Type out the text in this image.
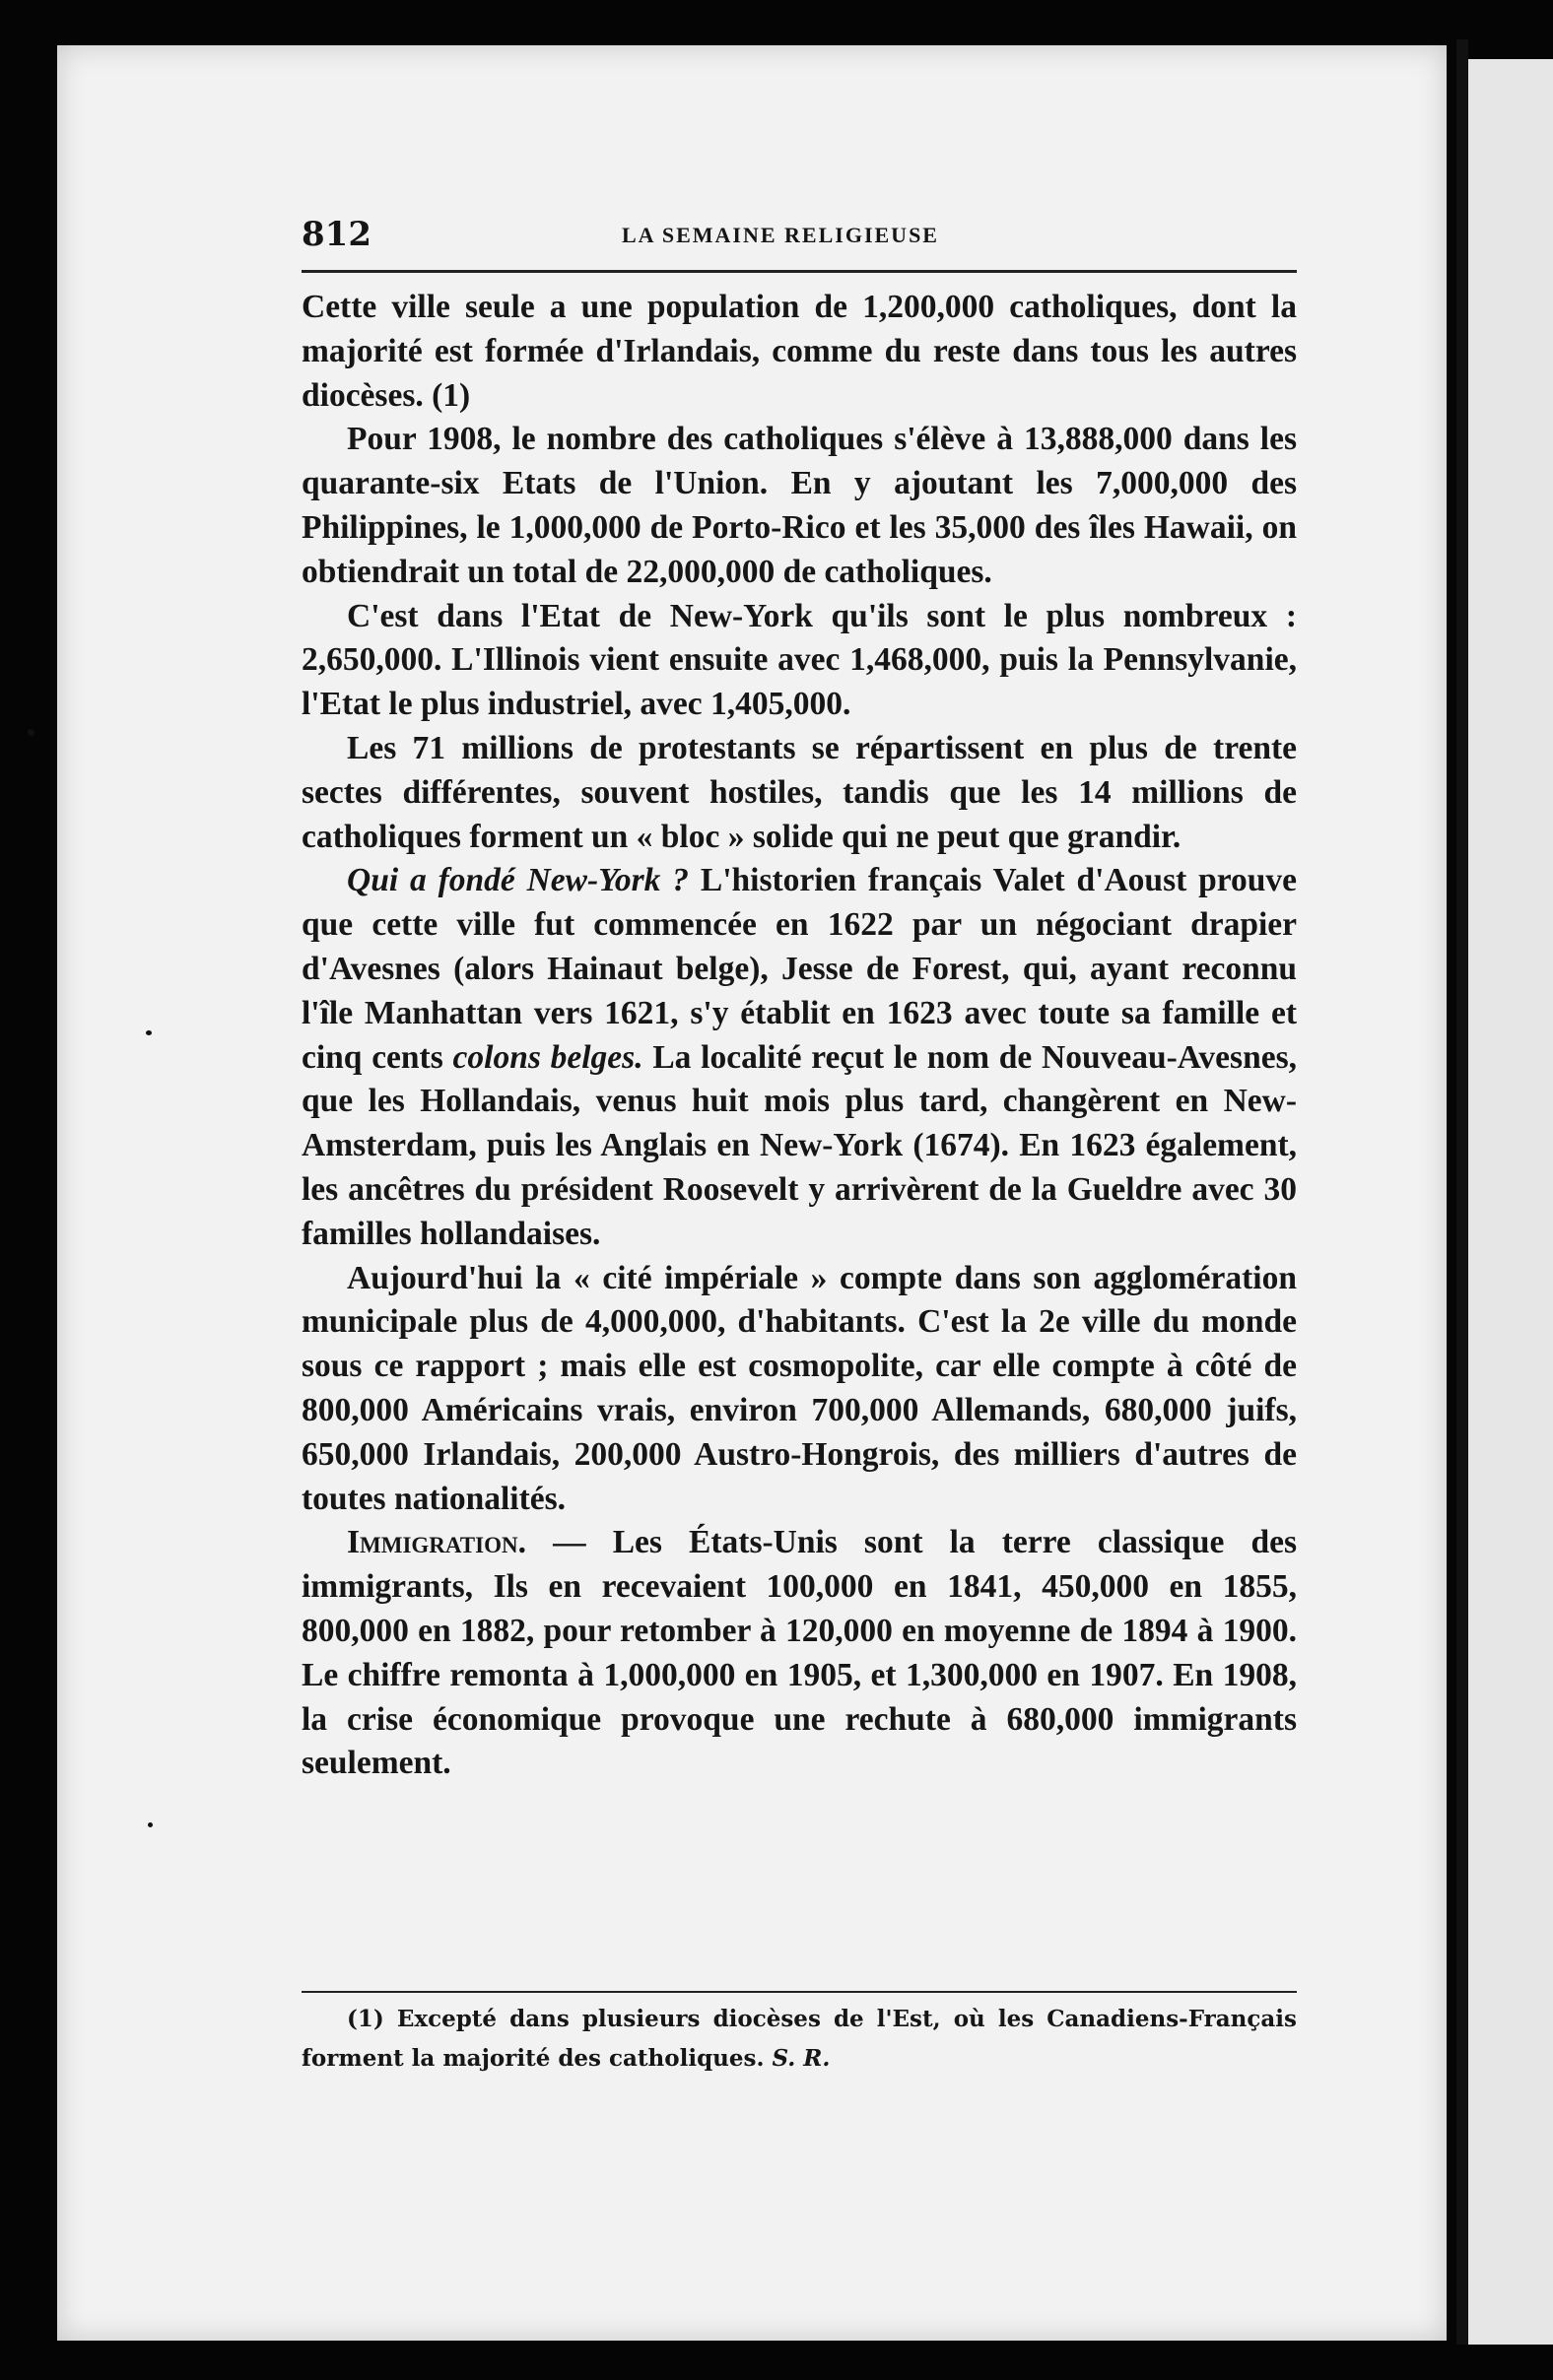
812	LA SEMAINE RELIGIEUSE

Cette ville seule a une population de 1,200,000 catholiques, dont la majorité est formée d'Irlandais, comme du reste dans tous les autres diocèses. (1)

Pour 1908, le nombre des catholiques s'élève à 13,888,000 dans les quarante-six Etats de l'Union. En y ajoutant les 7,000,000 des Philippines, le 1,000,000 de Porto-Rico et les 35,000 des îles Hawaii, on obtiendrait un total de 22,000,000 de catholiques.

C'est dans l'Etat de New-York qu'ils sont le plus nombreux : 2,650,000. L'Illinois vient ensuite avec 1,468,000, puis la Pennsylvanie, l'Etat le plus industriel, avec 1,405,000.

Les 71 millions de protestants se répartissent en plus de trente sectes différentes, souvent hostiles, tandis que les 14 millions de catholiques forment un « bloc » solide qui ne peut que grandir.

Qui a fondé New-York ? L'historien français Valet d'Aoust prouve que cette ville fut commencée en 1622 par un négociant drapier d'Avesnes (alors Hainaut belge), Jesse de Forest, qui, ayant reconnu l'île Manhattan vers 1621, s'y établit en 1623 avec toute sa famille et cinq cents colons belges. La localité reçut le nom de Nouveau-Avesnes, que les Hollandais, venus huit mois plus tard, changèrent en New-Amsterdam, puis les Anglais en New-York (1674). En 1623 également, les ancêtres du président Roosevelt y arrivèrent de la Gueldre avec 30 familles hollandaises.

Aujourd'hui la « cité impériale » compte dans son agglomération municipale plus de 4,000,000, d'habitants. C'est la 2e ville du monde sous ce rapport ; mais elle est cosmopolite, car elle compte à côté de 800,000 Américains vrais, environ 700,000 Allemands, 680,000 juifs, 650,000 Irlandais, 200,000 Austro-Hongrois, des milliers d'autres de toutes nationalités.

Immigration. — Les États-Unis sont la terre classique des immigrants, Ils en recevaient 100,000 en 1841, 450,000 en 1855, 800,000 en 1882, pour retomber à 120,000 en moyenne de 1894 à 1900. Le chiffre remonta à 1,000,000 en 1905, et 1,300,000 en 1907. En 1908, la crise économique provoque une rechute à 680,000 immigrants seulement.

(1) Excepté dans plusieurs diocèses de l'Est, où les Canadiens-Français forment la majorité des catholiques. S. R.
